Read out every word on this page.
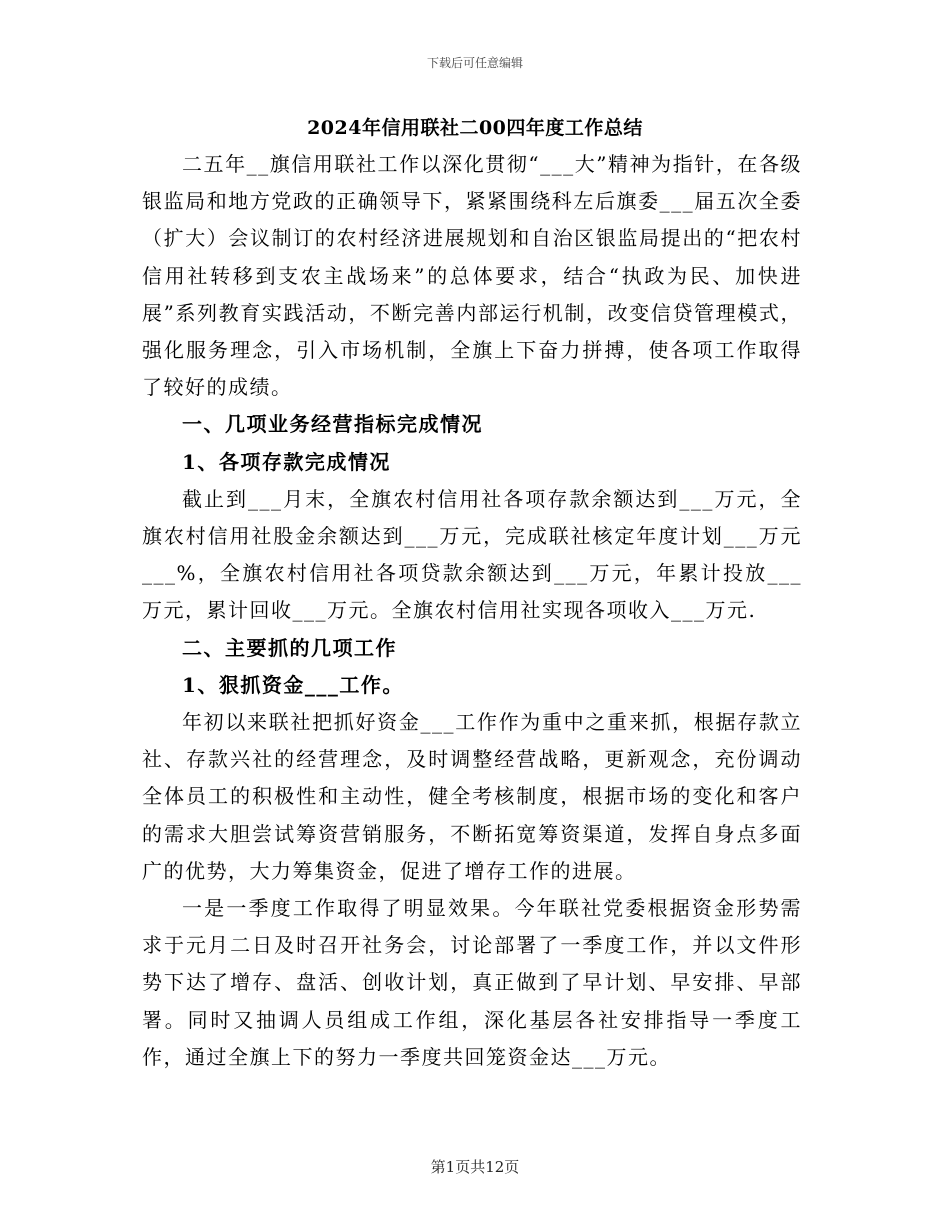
下载后可任意编辑
2024年信用联社二00四年度工作总结

二五年__旗信用联社工作以深化贯彻“___大”精神为指针，在各级银监局和地方党政的正确领导下，紧紧围绕科左后旗委___届五次全委（扩大）会议制订的农村经济进展规划和自治区银监局提出的“把农村信用社转移到支农主战场来”的总体要求，结合“执政为民、加快进展”系列教育实践活动，不断完善内部运行机制，改变信贷管理模式，强化服务理念，引入市场机制，全旗上下奋力拼搏，使各项工作取得了较好的成绩。

一、几项业务经营指标完成情况

1、各项存款完成情况

截止到___月末，全旗农村信用社各项存款余额达到___万元，全旗农村信用社股金余额达到___万元，完成联社核定年度计划___万元___%，全旗农村信用社各项贷款余额达到___万元，年累计投放___万元，累计回收___万元。全旗农村信用社实现各项收入___万元.

二、主要抓的几项工作

1、狠抓资金___工作。

年初以来联社把抓好资金___工作作为重中之重来抓，根据存款立社、存款兴社的经营理念，及时调整经营战略，更新观念，充份调动全体员工的积极性和主动性，健全考核制度，根据市场的变化和客户的需求大胆尝试筹资营销服务，不断拓宽筹资渠道，发挥自身点多面广的优势，大力筹集资金，促进了增存工作的进展。

一是一季度工作取得了明显效果。今年联社党委根据资金形势需求于元月二日及时召开社务会，讨论部署了一季度工作，并以文件形势下达了增存、盘活、创收计划，真正做到了早计划、早安排、早部署。同时又抽调人员组成工作组，深化基层各社安排指导一季度工作，通过全旗上下的努力一季度共回笼资金达___万元。

第1页共12页
